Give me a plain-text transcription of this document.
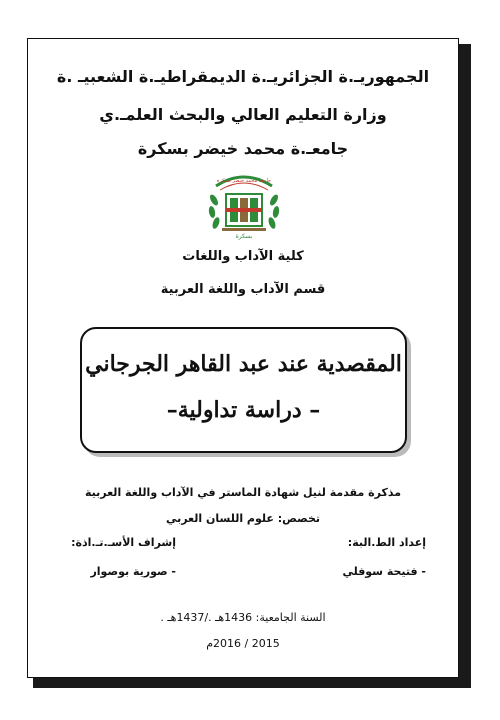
الجمهوريـ.ة الجزائريـ.ة الديمقراطيـ.ة الشعبيـ .ة
وزارة التعليم العالي والبحث العلمـ.ي
جامعـ.ة محمد خيضر بسكرة
بسكرة
جامعة محمد خيضر بسكرة
كلية الآداب واللغات
قسم الآداب واللغة العربية
المقصدية عند عبد القاهر الجرجاني
– دراسة تداولية–
مذكرة مقدمة لنيل شهادة الماستر في الآداب واللغة العربية
تخصص: علوم اللسان العربي
إعداد الط.البة:
إشراف الأسـ.تـ.اذة:
- فتيحة سوفلي
- صورية بوصوار
السنة الجامعية: 1436هـ ./1437هـ .
2015 / 2016م
